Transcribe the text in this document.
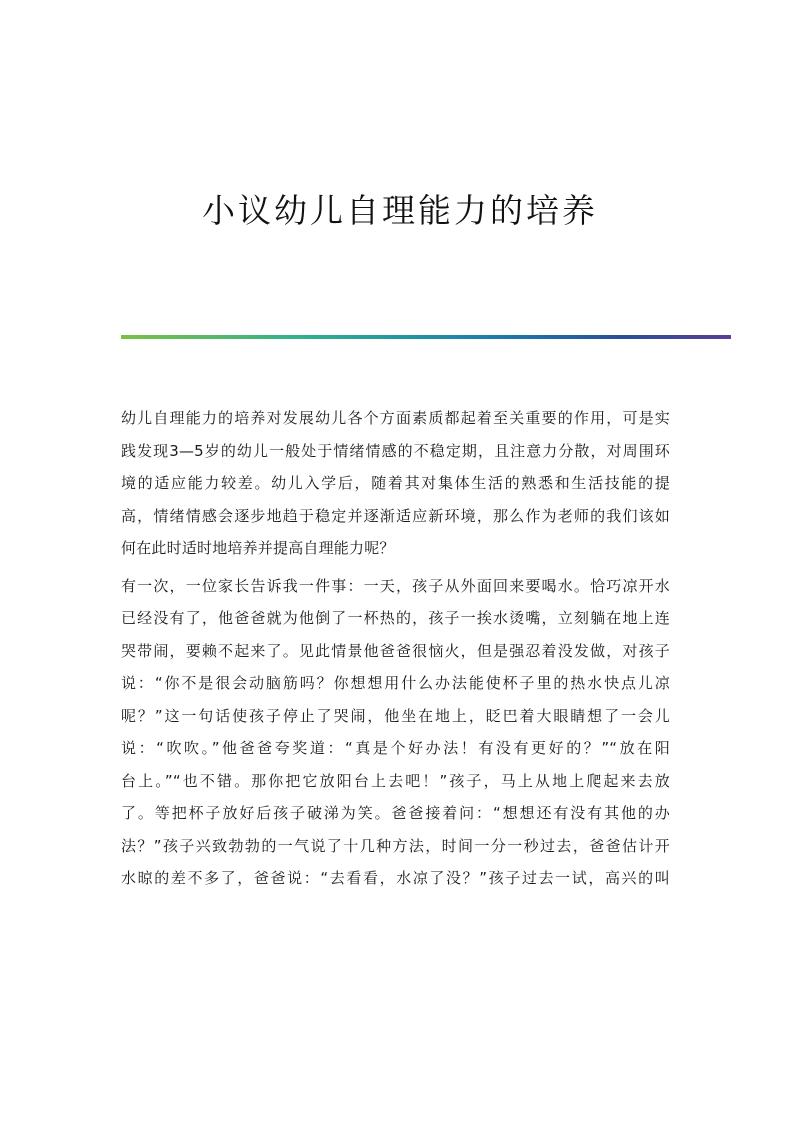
小议幼儿自理能力的培养
幼儿自理能力的培养对发展幼儿各个方面素质都起着至关重要的作用，可是实
践发现3—5岁的幼儿一般处于情绪情感的不稳定期，且注意力分散，对周围环
境的适应能力较差。幼儿入学后，随着其对集体生活的熟悉和生活技能的提
高，情绪情感会逐步地趋于稳定并逐渐适应新环境，那么作为老师的我们该如
何在此时适时地培养并提高自理能力呢？
有一次，一位家长告诉我一件事：一天，孩子从外面回来要喝水。恰巧凉开水
已经没有了，他爸爸就为他倒了一杯热的，孩子一挨水烫嘴，立刻躺在地上连
哭带闹，要赖不起来了。见此情景他爸爸很恼火，但是强忍着没发做，对孩子
说：“你不是很会动脑筋吗？你想想用什么办法能使杯子里的热水快点儿凉
呢？”这一句话使孩子停止了哭闹，他坐在地上，眨巴着大眼睛想了一会儿
说：“吹吹。”他爸爸夸奖道：“真是个好办法！有没有更好的？”“放在阳
台上。”“也不错。那你把它放阳台上去吧！”孩子，马上从地上爬起来去放
了。等把杯子放好后孩子破涕为笑。爸爸接着问：“想想还有没有其他的办
法？”孩子兴致勃勃的一气说了十几种方法，时间一分一秒过去，爸爸估计开
水晾的差不多了，爸爸说：“去看看，水凉了没？”孩子过去一试，高兴的叫
